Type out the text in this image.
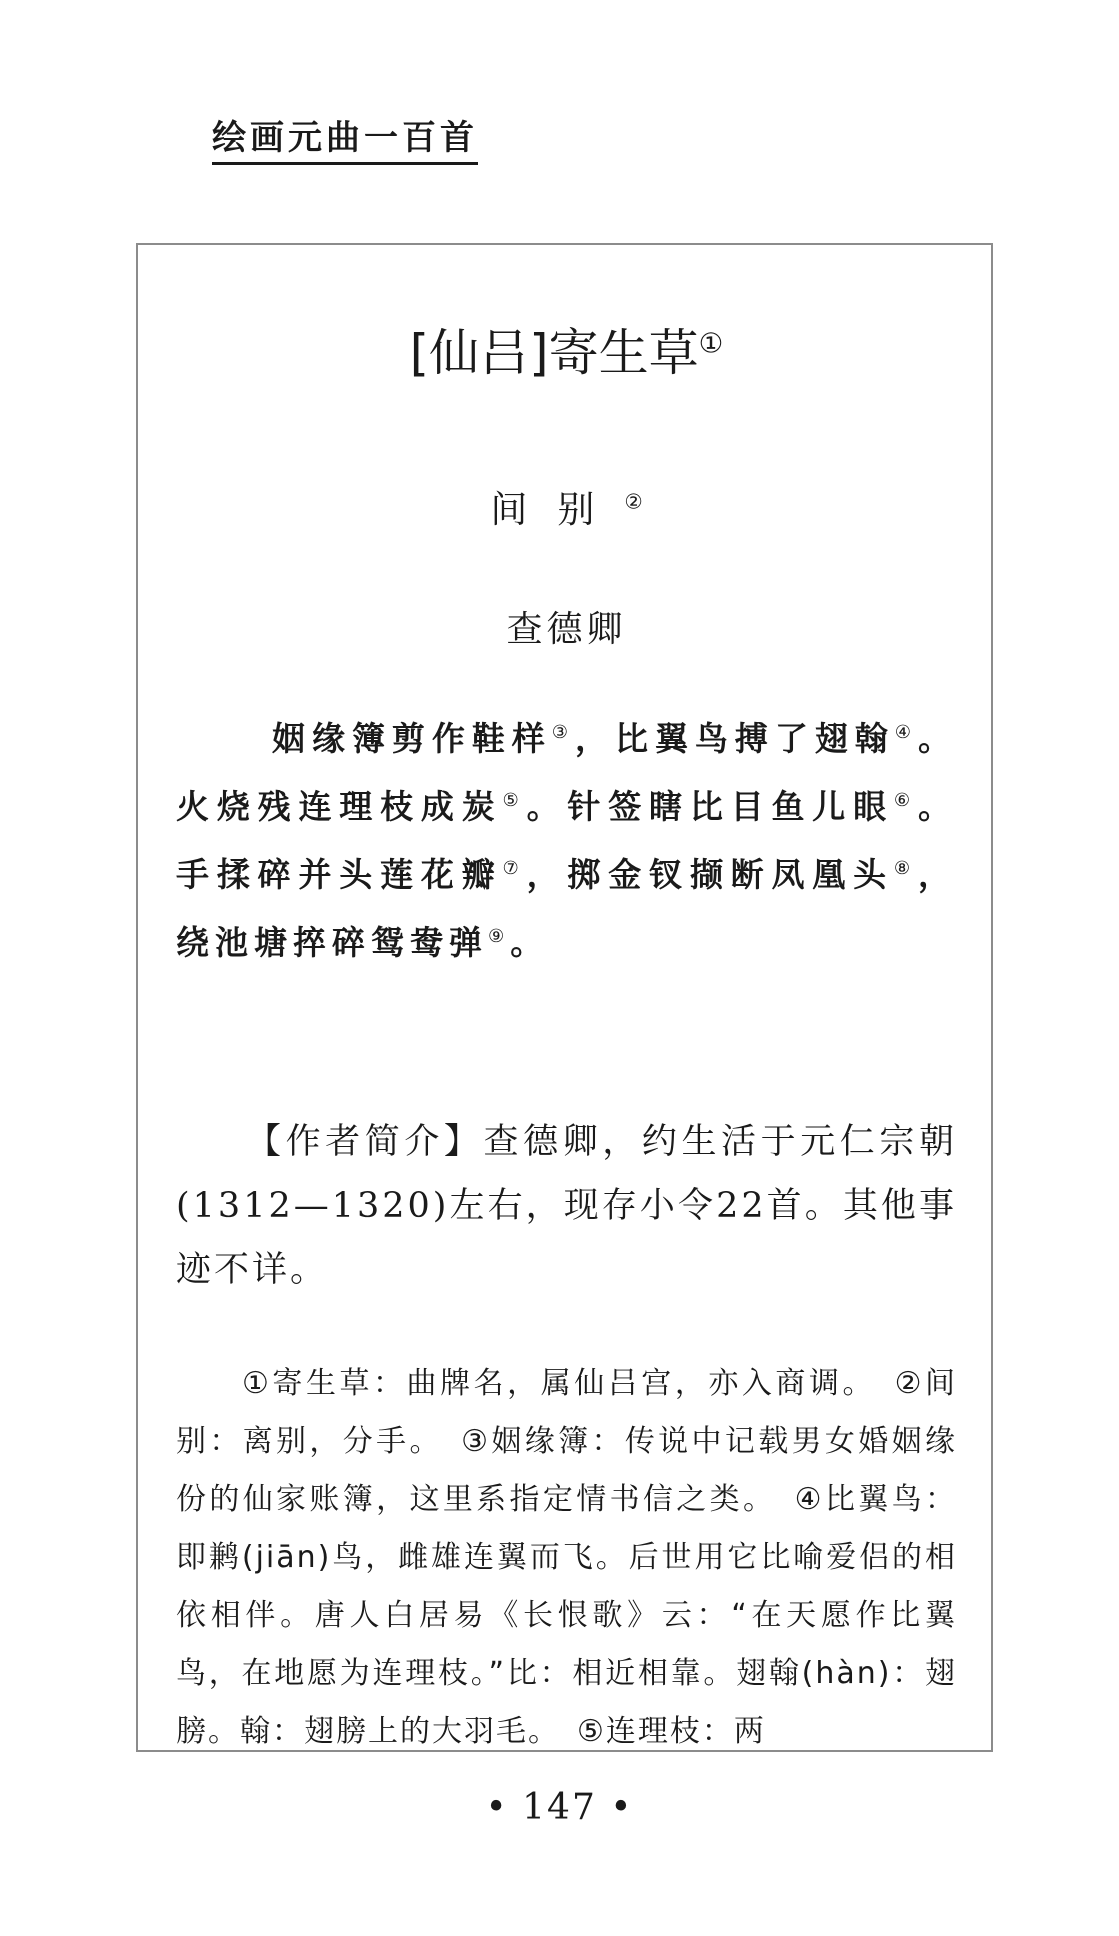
绘画元曲一百首
[仙吕]寄生草①
间别②
查德卿

姻缘簿剪作鞋样③，比翼鸟搏了翅翰④。火烧残连理枝成炭⑤。针签瞎比目鱼儿眼⑥。手揉碎并头莲花瓣⑦，掷金钗撷断凤凰头⑧，绕池塘捽碎鸳鸯弹⑨。

【作者简介】查德卿，约生活于元仁宗朝(1312—1320)左右，现存小令22首。其他事迹不详。

①寄生草：曲牌名，属仙吕宫，亦入商调。　②间别：离别，分手。　③姻缘簿：传说中记载男女婚姻缘份的仙家账簿，这里系指定情书信之类。　④比翼鸟：即鹣(jiān)鸟，雌雄连翼而飞。后世用它比喻爱侣的相依相伴。唐人白居易《长恨歌》云：“在天愿作比翼鸟，在地愿为连理枝。”比：相近相靠。翅翰(hàn)：翅膀。翰：翅膀上的大羽毛。　⑤连理枝：两

• 147 •
